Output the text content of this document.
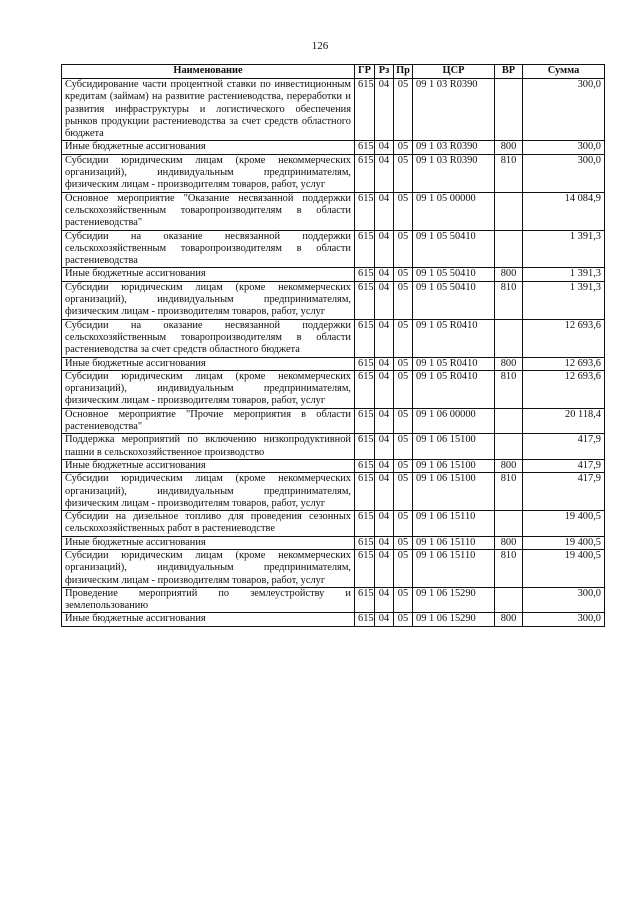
126
Наименование	ГР	Рз	Пр	ЦСР	ВР	Сумма
Субсидирование части процентной ставки по инвестиционным кредитам (займам) на развитие растениеводства, переработки и развития инфраструктуры и логистического обеспечения рынков продукции растениеводства за счет средств областного бюджета	615	04	05	09 1 03 R0390		300,0
Иные бюджетные ассигнования	615	04	05	09 1 03 R0390	800	300,0
Субсидии юридическим лицам (кроме некоммерческих организаций), индивидуальным предпринимателям, физическим лицам - производителям товаров, работ, услуг	615	04	05	09 1 03 R0390	810	300,0
Основное мероприятие "Оказание несвязанной поддержки сельскохозяйственным товаропроизводителям в области растениеводства"	615	04	05	09 1 05 00000		14 084,9
Субсидии на оказание несвязанной поддержки сельскохозяйственным товаропроизводителям в области растениеводства	615	04	05	09 1 05 50410		1 391,3
Иные бюджетные ассигнования	615	04	05	09 1 05 50410	800	1 391,3
Субсидии юридическим лицам (кроме некоммерческих организаций), индивидуальным предпринимателям, физическим лицам - производителям товаров, работ, услуг	615	04	05	09 1 05 50410	810	1 391,3
Субсидии на оказание несвязанной поддержки сельскохозяйственным товаропроизводителям в области растениеводства за счет средств областного бюджета	615	04	05	09 1 05 R0410		12 693,6
Иные бюджетные ассигнования	615	04	05	09 1 05 R0410	800	12 693,6
Субсидии юридическим лицам (кроме некоммерческих организаций), индивидуальным предпринимателям, физическим лицам - производителям товаров, работ, услуг	615	04	05	09 1 05 R0410	810	12 693,6
Основное мероприятие "Прочие мероприятия в области растениеводства"	615	04	05	09 1 06 00000		20 118,4
Поддержка мероприятий по включению низкопродуктивной пашни в сельскохозяйственное производство	615	04	05	09 1 06 15100		417,9
Иные бюджетные ассигнования	615	04	05	09 1 06 15100	800	417,9
Субсидии юридическим лицам (кроме некоммерческих организаций), индивидуальным предпринимателям, физическим лицам - производителям товаров, работ, услуг	615	04	05	09 1 06 15100	810	417,9
Субсидии на дизельное топливо для проведения сезонных сельскохозяйственных работ в растениеводстве	615	04	05	09 1 06 15110		19 400,5
Иные бюджетные ассигнования	615	04	05	09 1 06 15110	800	19 400,5
Субсидии юридическим лицам (кроме некоммерческих организаций), индивидуальным предпринимателям, физическим лицам - производителям товаров, работ, услуг	615	04	05	09 1 06 15110	810	19 400,5
Проведение мероприятий по землеустройству и землепользованию	615	04	05	09 1 06 15290		300,0
Иные бюджетные ассигнования	615	04	05	09 1 06 15290	800	300,0
